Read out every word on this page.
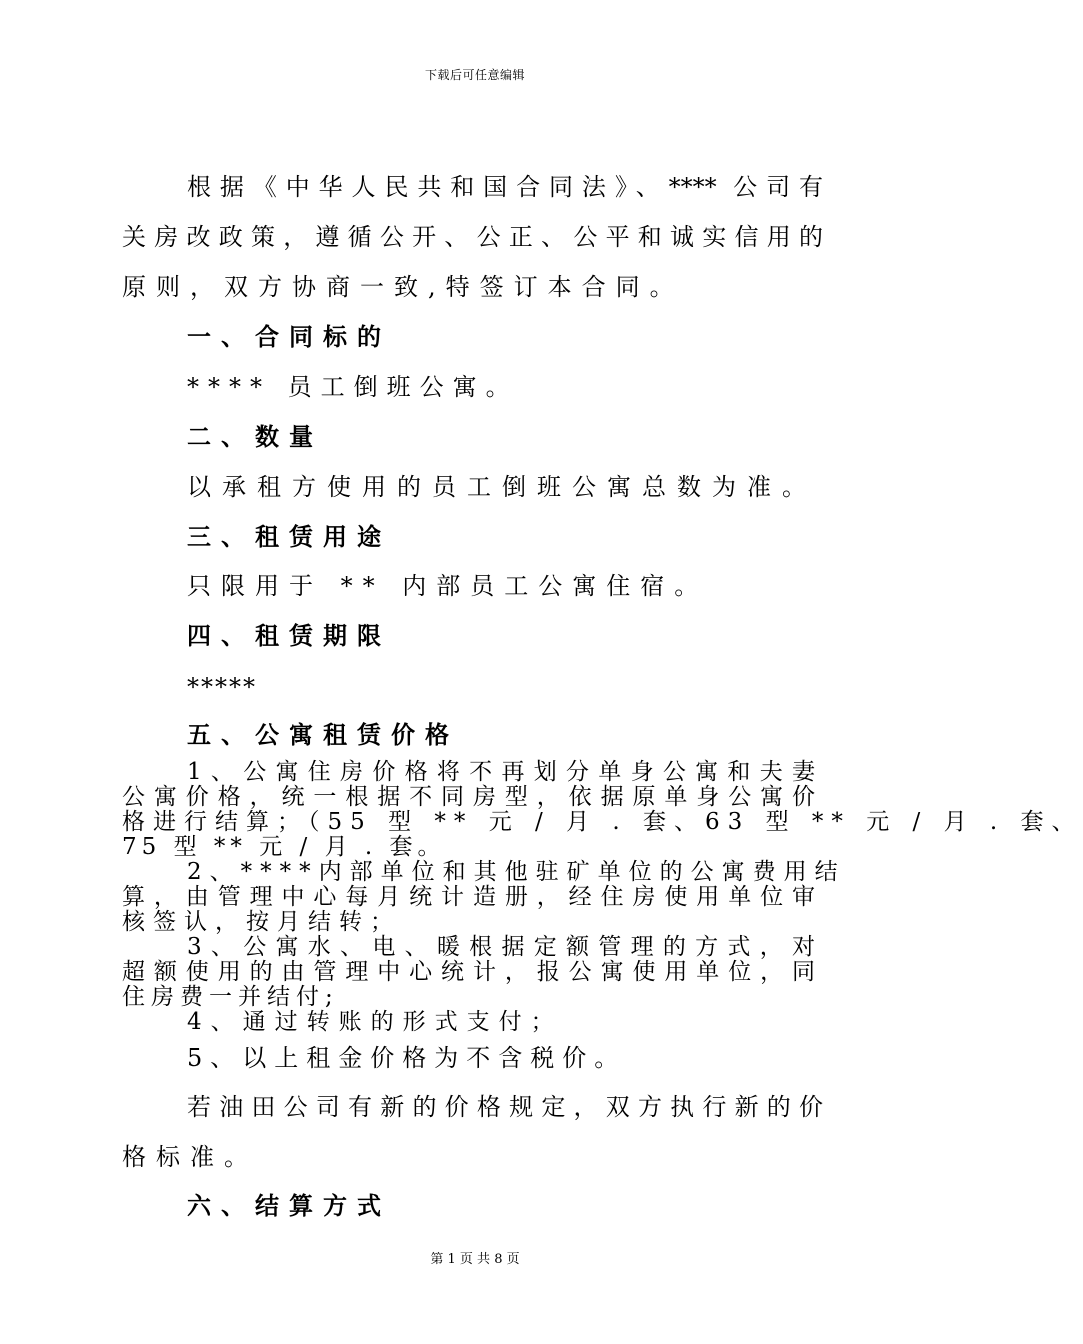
下载后可任意编辑
根据《中华人民共和国合同法》、**** 公司有
关房改政策，遵循公开、公正、公平和诚实信用的
原则，双方协商一致,特签订本合同。
一、合同标的
**** 员工倒班公寓。
二、数量
以承租方使用的员工倒班公寓总数为准。
三、租赁用途
只限用于 ** 内部员工公寓住宿。
四、租赁期限
*****
五、公寓租赁价格
1、公寓住房价格将不再划分单身公寓和夫妻
公寓价格，统一根据不同房型，依据原单身公寓价
格进行结算；（55 型 ** 元 / 月 . 套、63 型 ** 元 / 月 . 套、
75 型 ** 元 / 月 . 套。
2、****内部单位和其他驻矿单位的公寓费用结
算，由管理中心每月统计造册，经住房使用单位审
核签认，按月结转；
3、公寓水、电、暖根据定额管理的方式，对
超额使用的由管理中心统计，报公寓使用单位，同
住房费一并结付;
4、通过转账的形式支付；
5、以上租金价格为不含税价。
若油田公司有新的价格规定，双方执行新的价
格标准。
六、结算方式
第 1 页 共 8 页
